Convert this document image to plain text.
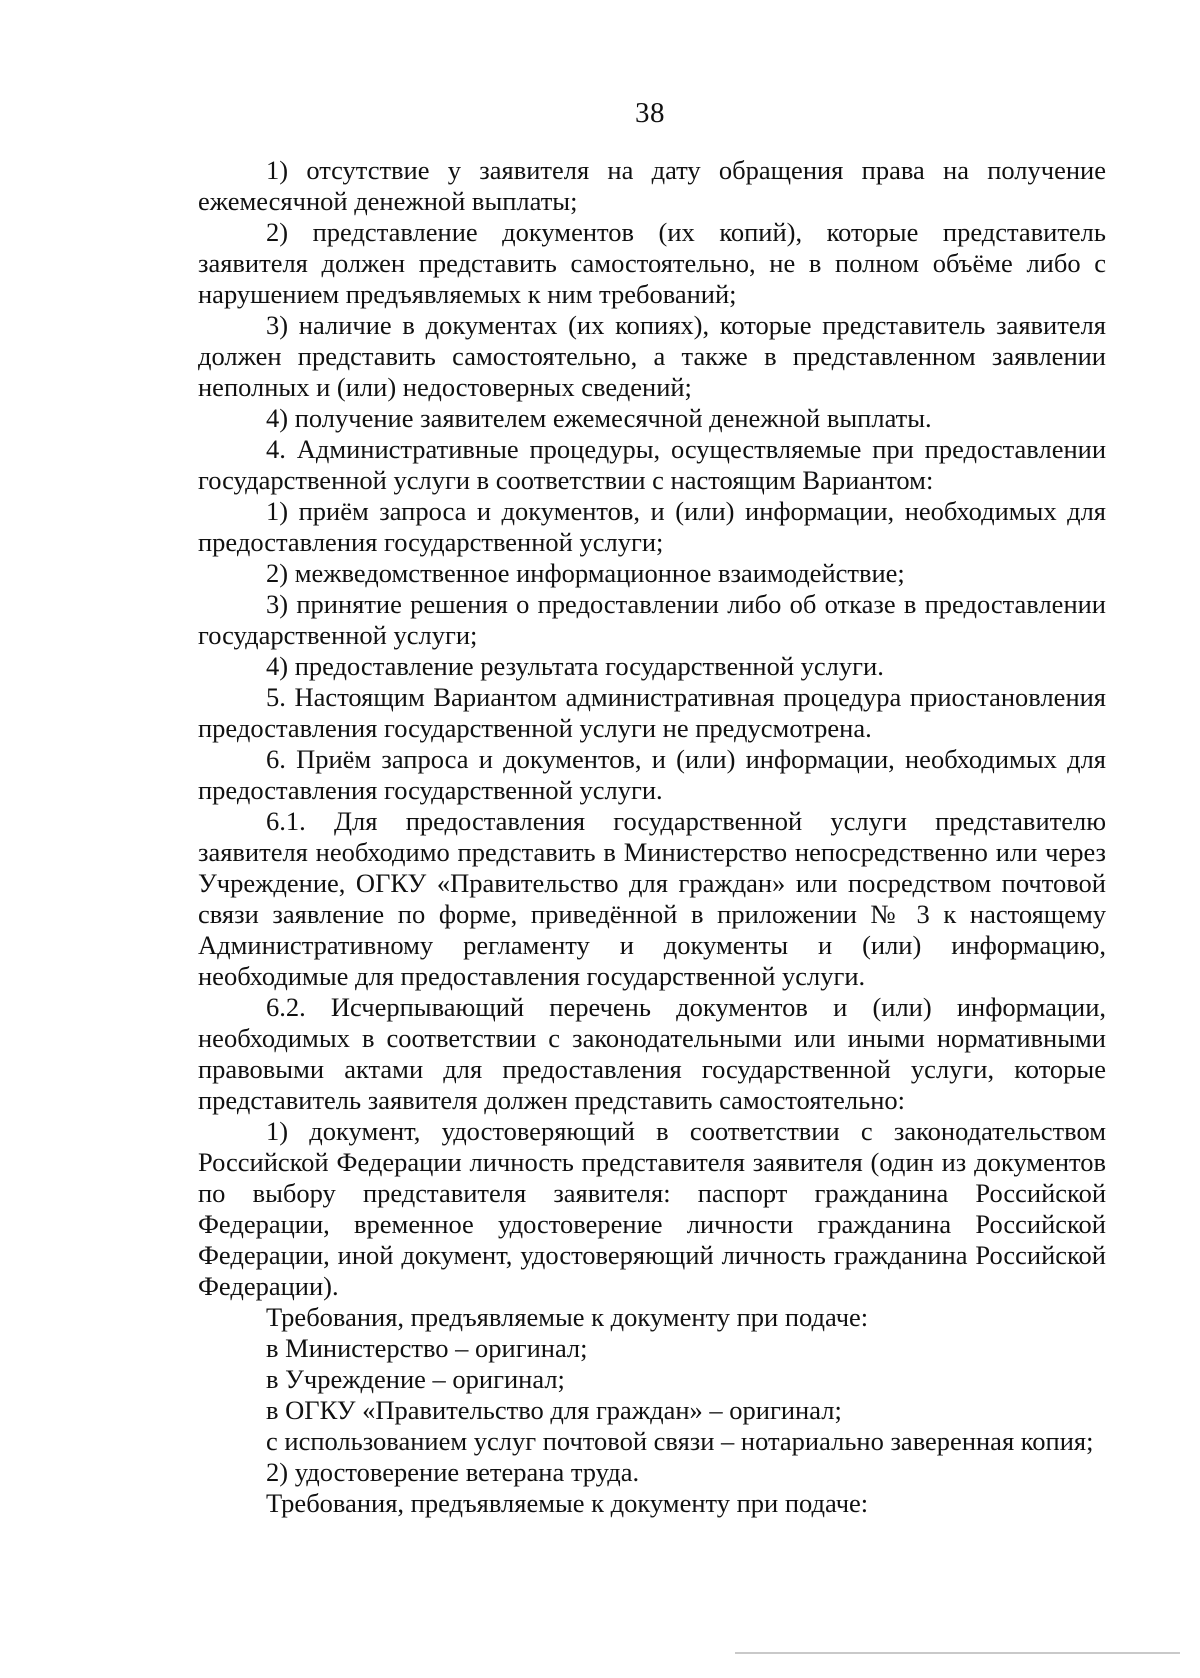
38

1) отсутствие у заявителя на дату обращения права на получение ежемесячной денежной выплаты;

2) представление документов (их копий), которые представитель заявителя должен представить самостоятельно, не в полном объёме либо с нарушением предъявляемых к ним требований;

3) наличие в документах (их копиях), которые представитель заявителя должен представить самостоятельно, а также в представленном заявлении неполных и (или) недостоверных сведений;

4) получение заявителем ежемесячной денежной выплаты.

4. Административные процедуры, осуществляемые при предоставлении государственной услуги в соответствии с настоящим Вариантом:

1) приём запроса и документов, и (или) информации, необходимых для предоставления государственной услуги;

2) межведомственное информационное взаимодействие;

3) принятие решения о предоставлении либо об отказе в предоставлении государственной услуги;

4) предоставление результата государственной услуги.

5. Настоящим Вариантом административная процедура приостановления предоставления государственной услуги не предусмотрена.

6. Приём запроса и документов, и (или) информации, необходимых для предоставления государственной услуги.

6.1. Для предоставления государственной услуги представителю заявителя необходимо представить в Министерство непосредственно или через Учреждение, ОГКУ «Правительство для граждан» или посредством почтовой связи заявление по форме, приведённой в приложении № 3 к настоящему Административному регламенту и документы и (или) информацию, необходимые для предоставления государственной услуги.

6.2. Исчерпывающий перечень документов и (или) информации, необходимых в соответствии с законодательными или иными нормативными правовыми актами для предоставления государственной услуги, которые представитель заявителя должен представить самостоятельно:

1) документ, удостоверяющий в соответствии с законодательством Российской Федерации личность представителя заявителя (один из документов по выбору представителя заявителя: паспорт гражданина Российской Федерации, временное удостоверение личности гражданина Российской Федерации, иной документ, удостоверяющий личность гражданина Российской Федерации).

Требования, предъявляемые к документу при подаче:

в Министерство – оригинал;

в Учреждение – оригинал;

в ОГКУ «Правительство для граждан» – оригинал;

с использованием услуг почтовой связи – нотариально заверенная копия;

2) удостоверение ветерана труда.

Требования, предъявляемые к документу при подаче:
